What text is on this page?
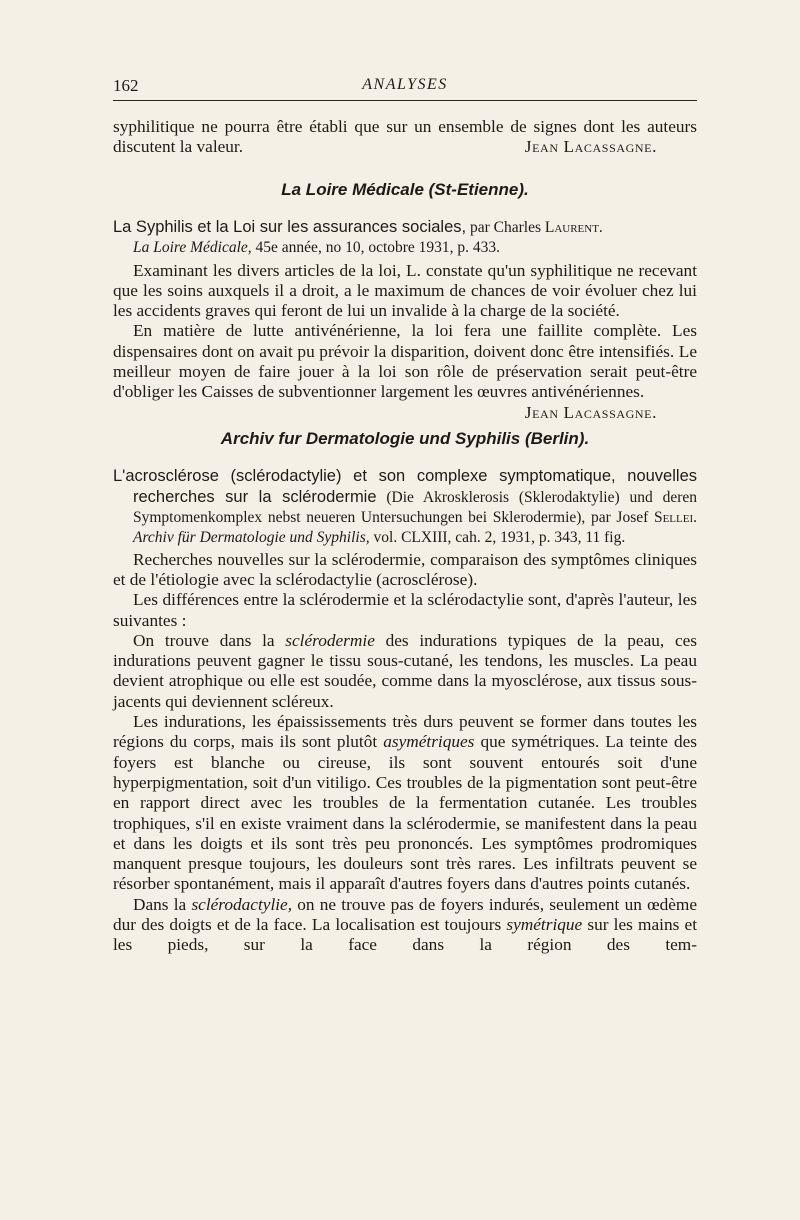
162	ANALYSES

syphilitique ne pourra être établi que sur un ensemble de signes dont les auteurs discutent la valeur.	Jean Lacassagne.

La Loire Médicale (St-Etienne).

La Syphilis et la Loi sur les assurances sociales, par Charles Laurent.
La Loire Médicale, 45e année, no 10, octobre 1931, p. 433.

Examinant les divers articles de la loi, L. constate qu'un syphilitique ne recevant que les soins auxquels il a droit, a le maximum de chances de voir évoluer chez lui les accidents graves qui feront de lui un invalide à la charge de la société.

En matière de lutte antivénérienne, la loi fera une faillite complète. Les dispensaires dont on avait pu prévoir la disparition, doivent donc être intensifiés. Le meilleur moyen de faire jouer à la loi son rôle de préservation serait peut-être d'obliger les Caisses de subventionner largement les œuvres antivénériennes.
Jean Lacassagne.

Archiv fur Dermatologie und Syphilis (Berlin).

L'acrosclérose (sclérodactylie) et son complexe symptomatique, nouvelles recherches sur la sclérodermie (Die Akrosklerosis (Sklerodaktylie) und deren Symptomenkomplex nebst neueren Untersuchungen bei Sklerodermie), par Josef Sellei. Archiv für Dermatologie und Syphilis, vol. CLXIII, cah. 2, 1931, p. 343, 11 fig.

Recherches nouvelles sur la sclérodermie, comparaison des symptômes cliniques et de l'étiologie avec la sclérodactylie (acrosclérose).

Les différences entre la sclérodermie et la sclérodactylie sont, d'après l'auteur, les suivantes :

On trouve dans la sclérodermie des indurations typiques de la peau, ces indurations peuvent gagner le tissu sous-cutané, les tendons, les muscles. La peau devient atrophique ou elle est soudée, comme dans la myosclérose, aux tissus sous-jacents qui deviennent scléreux.

Les indurations, les épaississements très durs peuvent se former dans toutes les régions du corps, mais ils sont plutôt asymétriques que symétriques. La teinte des foyers est blanche ou cireuse, ils sont souvent entourés soit d'une hyperpigmentation, soit d'un vitiligo. Ces troubles de la pigmentation sont peut-être en rapport direct avec les troubles de la fermentation cutanée. Les troubles trophiques, s'il en existe vraiment dans la sclérodermie, se manifestent dans la peau et dans les doigts et ils sont très peu prononcés. Les symptômes prodromiques manquent presque toujours, les douleurs sont très rares. Les infiltrats peuvent se résorber spontanément, mais il apparaît d'autres foyers dans d'autres points cutanés.

Dans la sclérodactylie, on ne trouve pas de foyers indurés, seulement un œdème dur des doigts et de la face. La localisation est toujours symétrique sur les mains et les pieds, sur la face dans la région des tem-
